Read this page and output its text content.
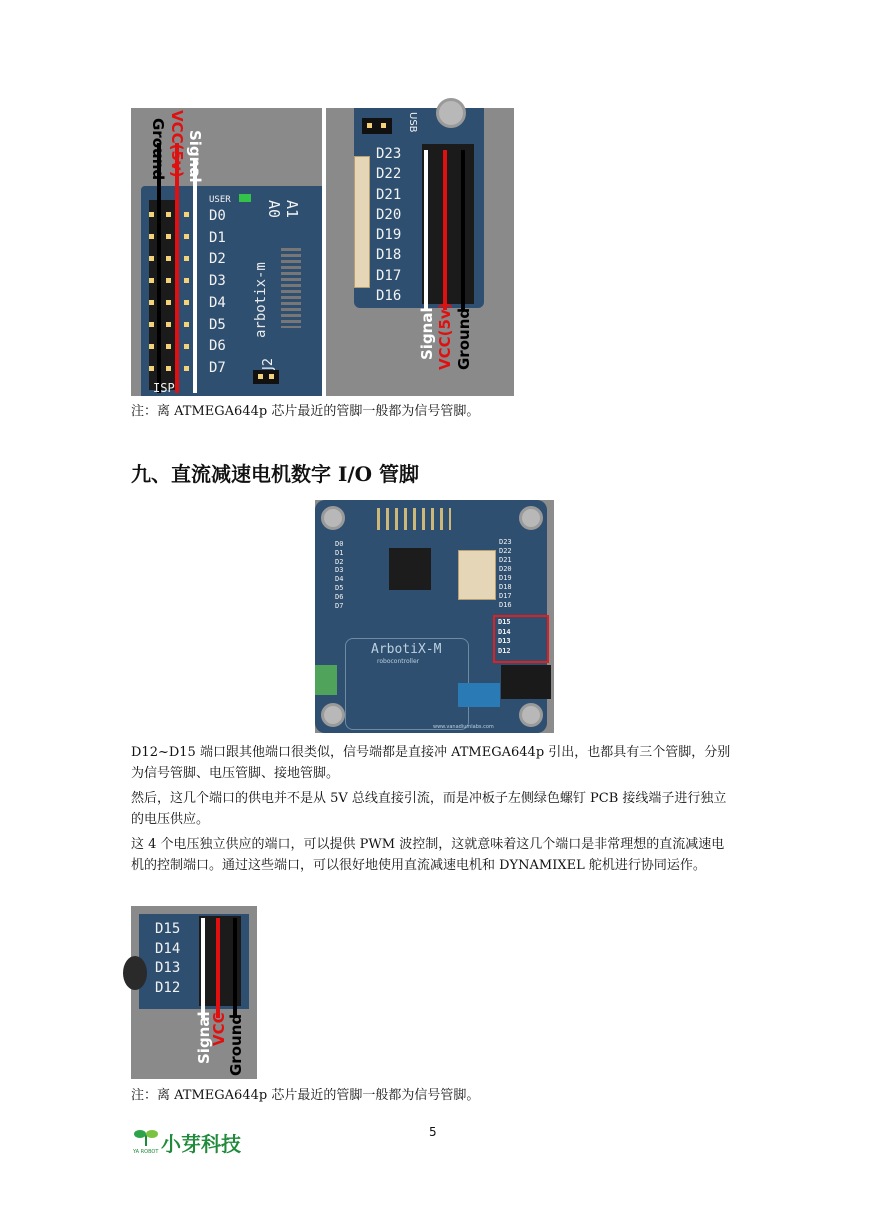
Ground VCC(5v) Signal
USER
D0
D1
D2
D3
D4
D5
D6
D7
A0 A1
arbotix-m
J2
ISP
USB
D23
D22
D21
D20
D19
D18
D17
D16
Signal VCC(5v) Ground
注：离 ATMEGA644p 芯片最近的管脚一般都为信号管脚。
九、直流减速电机数字 I/O 管脚
D0
D1
D2
D3
D4
D5
D6
D7
D23
D22
D21
D20
D19
D18
D17
D16
D15
D14
D13
D12
ArbotiX-M
robocontroller
www.vanadiumlabs.com
D12~D15 端口跟其他端口很类似，信号端都是直接冲 ATMEGA644p 引出，也都具有三个管脚，分别为信号管脚、电压管脚、接地管脚。
然后，这几个端口的供电并不是从 5V 总线直接引流，而是冲板子左侧绿色螺钉 PCB 接线端子进行独立的电压供应。
这 4 个电压独立供应的端口，可以提供 PWM 波控制，这就意味着这几个端口是非常理想的直流减速电机的控制端口。通过这些端口，可以很好地使用直流减速电机和 DYNAMIXEL 舵机进行协同运作。
D15
D14
D13
D12
Signal
VCC Ground
注：离 ATMEGA644p 芯片最近的管脚一般都为信号管脚。
5
小芽科技
YA ROBOT
